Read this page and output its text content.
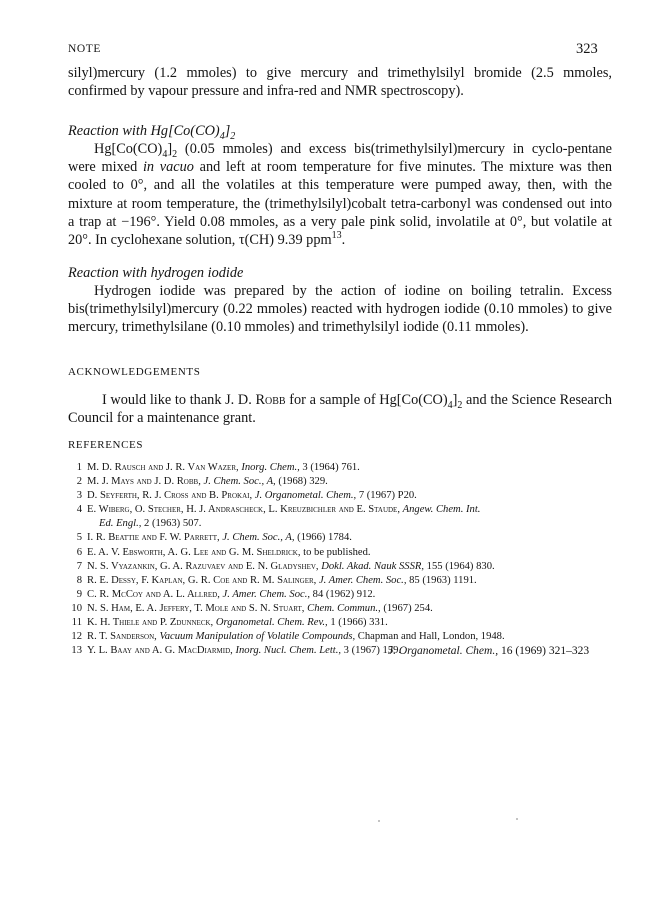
NOTE	323
silyl)mercury (1.2 mmoles) to give mercury and trimethylsilyl bromide (2.5 mmoles, confirmed by vapour pressure and infra-red and NMR spectroscopy).
Reaction with $Hg[Co(CO)_4]_2$
$Hg[Co(CO)_4]_2$ (0.05 mmoles) and excess bis(trimethylsilyl)mercury in cyclo-pentane were mixed in vacuo and left at room temperature for five minutes. The mixture was then cooled to 0°, and all the volatiles at this temperature were pumped away, then, with the mixture at room temperature, the (trimethylsilyl)cobalt tetra-carbonyl was condensed out into a trap at −196°. Yield 0.08 mmoles, as a very pale pink solid, involatile at 0°, but volatile at 20°. In cyclohexane solution, τ(CH) 9.39 ppm$^{13}$.
Reaction with hydrogen iodide
Hydrogen iodide was prepared by the action of iodine on boiling tetralin. Excess bis(trimethylsilyl)mercury (0.22 mmoles) reacted with hydrogen iodide (0.10 mmoles) to give mercury, trimethylsilane (0.10 mmoles) and trimethylsilyl iodide (0.11 mmoles).
ACKNOWLEDGEMENTS
I would like to thank J. D. Robb for a sample of $Hg[Co(CO)_4]_2$ and the Science Research Council for a maintenance grant.
REFERENCES
1 M. D. Rausch and J. R. Van Wazer, Inorg. Chem., 3 (1964) 761.
2 M. J. Mays and J. D. Robb, J. Chem. Soc., A, (1968) 329.
3 D. Seyferth, R. J. Cross and B. Prokai, J. Organometal. Chem., 7 (1967) P20.
4 E. Wiberg, O. Stecher, H. J. Andrascheck, L. Kreuzbichler and E. Staude, Angew. Chem. Int.
Ed. Engl., 2 (1963) 507.
5 I. R. Beattie and F. W. Parrett, J. Chem. Soc., A, (1966) 1784.
6 E. A. V. Ebsworth, A. G. Lee and G. M. Sheldrick, to be published.
7 N. S. Vyazankin, G. A. Razuvaev and E. N. Gladyshev, Dokl. Akad. Nauk SSSR, 155 (1964) 830.
8 R. E. Dessy, F. Kaplan, G. R. Coe and R. M. Salinger, J. Amer. Chem. Soc., 85 (1963) 1191.
9 C. R. McCoy and A. L. Allred, J. Amer. Chem. Soc., 84 (1962) 912.
10 N. S. Ham, E. A. Jeffery, T. Mole and S. N. Stuart, Chem. Commun., (1967) 254.
11 K. H. Thiele and P. Zdunneck, Organometal. Chem. Rev., 1 (1966) 331.
12 R. T. Sanderson, Vacuum Manipulation of Volatile Compounds, Chapman and Hall, London, 1948.
13 Y. L. Baay and A. G. MacDiarmid, Inorg. Nucl. Chem. Lett., 3 (1967) 159.
J. Organometal. Chem., 16 (1969) 321–323
